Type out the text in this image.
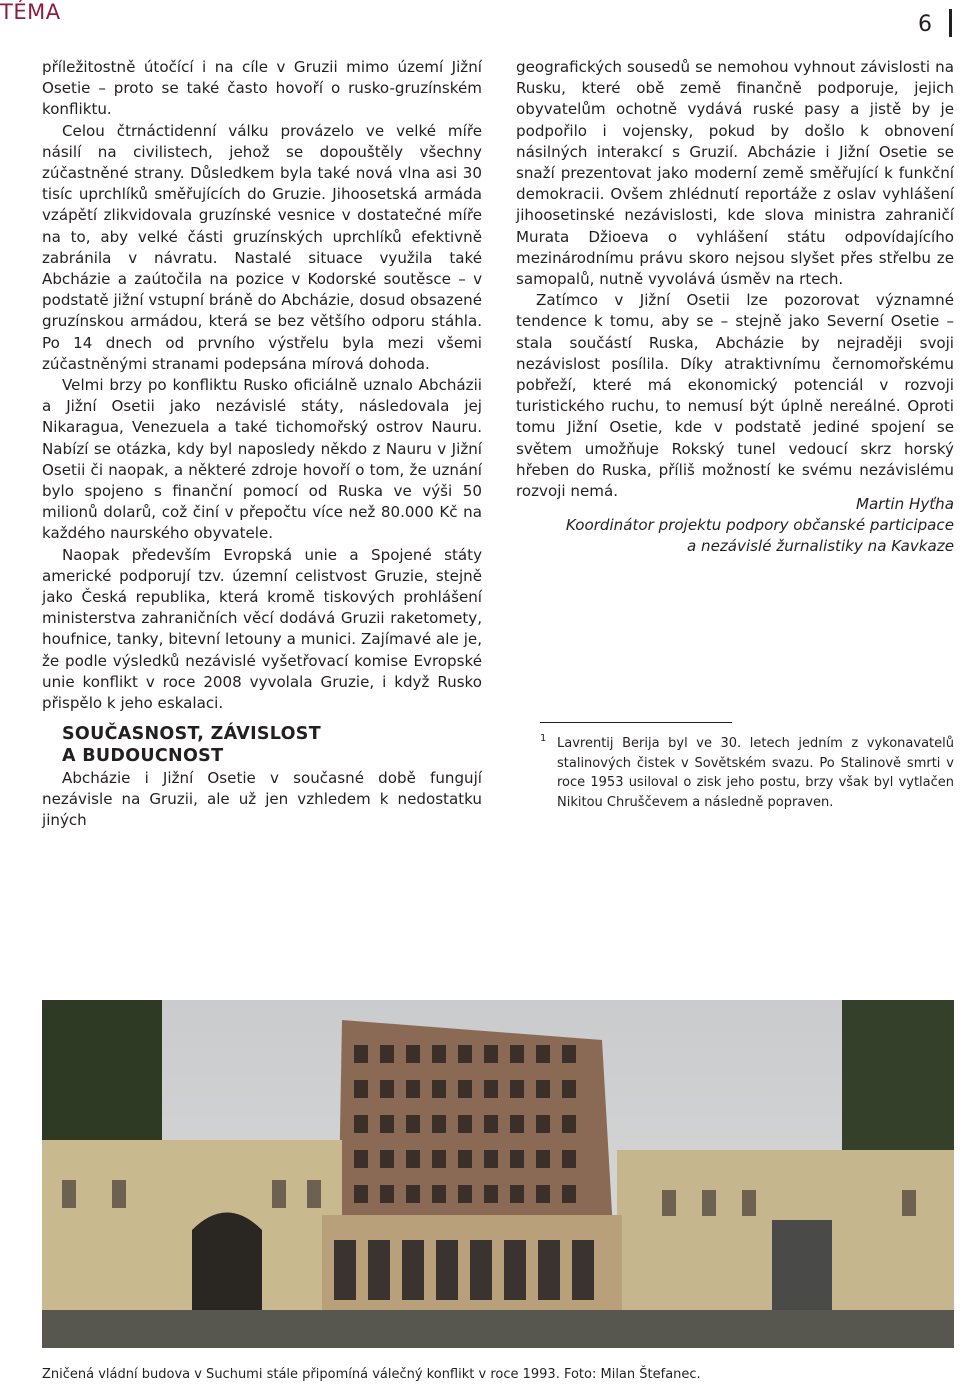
TÉMA	6

příležitostně útočící i na cíle v Gruzii mimo území Jižní Osetie – proto se také často hovoří o rusko-gruzínském konfliktu.

Celou čtrnáctidenní válku provázelo ve velké míře násilí na civilistech, jehož se dopouštěly všechny zúčastněné strany. Důsledkem byla také nová vlna asi 30 tisíc uprchlíků směřujících do Gruzie. Jihoosetská armáda vzápětí zlikvidovala gruzínské vesnice v dostatečné míře na to, aby velké části gruzínských uprchlíků efektivně zabránila v návratu. Nastalé situace využila také Abcházie a zaútočila na pozice v Kodorské soutěsce – v podstatě jižní vstupní bráně do Abcházie, dosud obsazené gruzínskou armádou, která se bez většího odporu stáhla. Po 14 dnech od prvního výstřelu byla mezi všemi zúčastněnými stranami podepsána mírová dohoda.

Velmi brzy po konfliktu Rusko oficiálně uznalo Abcházii a Jižní Osetii jako nezávislé státy, následovala jej Nikaragua, Venezuela a také tichomořský ostrov Nauru. Nabízí se otázka, kdy byl naposledy někdo z Nauru v Jižní Osetii či naopak, a některé zdroje hovoří o tom, že uznání bylo spojeno s finanční pomocí od Ruska ve výši 50 milionů dolarů, což činí v přepočtu více než 80.000 Kč na každého naurského obyvatele.

Naopak především Evropská unie a Spojené státy americké podporují tzv. územní celistvost Gruzie, stejně jako Česká republika, která kromě tiskových prohlášení ministerstva zahraničních věcí dodává Gruzii raketomety, houfnice, tanky, bitevní letouny a munici. Zajímavé ale je, že podle výsledků nezávislé vyšetřovací komise Evropské unie konflikt v roce 2008 vyvolala Gruzie, i když Rusko přispělo k jeho eskalaci.

SOUČASNOST, ZÁVISLOST
A BUDOUCNOST

Abcházie i Jižní Osetie v současné době fungují nezávisle na Gruzii, ale už jen vzhledem k nedostatku jiných

geografických sousedů se nemohou vyhnout závislosti na Rusku, které obě země finančně podporuje, jejich obyvatelům ochotně vydává ruské pasy a jistě by je podpořilo i vojensky, pokud by došlo k obnovení násilných interakcí s Gruzií. Abcházie i Jižní Osetie se snaží prezentovat jako moderní země směřující k funkční demokracii. Ovšem zhlédnutí reportáže z oslav vyhlášení jihoosetinské nezávislosti, kde slova ministra zahraničí Murata Džioeva o vyhlášení státu odpovídajícího mezinárodnímu právu skoro nejsou slyšet přes střelbu ze samopalů, nutně vyvolává úsměv na rtech.

Zatímco v Jižní Osetii lze pozorovat významné tendence k tomu, aby se – stejně jako Severní Osetie – stala součástí Ruska, Abcházie by nejraději svoji nezávislost posílila. Díky atraktivnímu černomořskému pobřeží, které má ekonomický potenciál v rozvoji turistického ruchu, to nemusí být úplně nereálné. Oproti tomu Jižní Osetie, kde v podstatě jediné spojení se světem umožňuje Rokský tunel vedoucí skrz horský hřeben do Ruska, příliš možností ke svému nezávislému rozvoji nemá.

Martin Hyťha
Koordinátor projektu podpory občanské participace
a nezávislé žurnalistiky na Kavkaze
1 Lavrentij Berija byl ve 30. letech jedním z vykonavatelů stalinových čistek v Sovětském svazu. Po Stalinově smrti v roce 1953 usiloval o zisk jeho postu, brzy však byl vytlačen Nikitou Chruščevem a následně popraven.
Zničená vládní budova v Suchumi stále připomíná válečný konflikt v roce 1993. Foto: Milan Štefanec.
